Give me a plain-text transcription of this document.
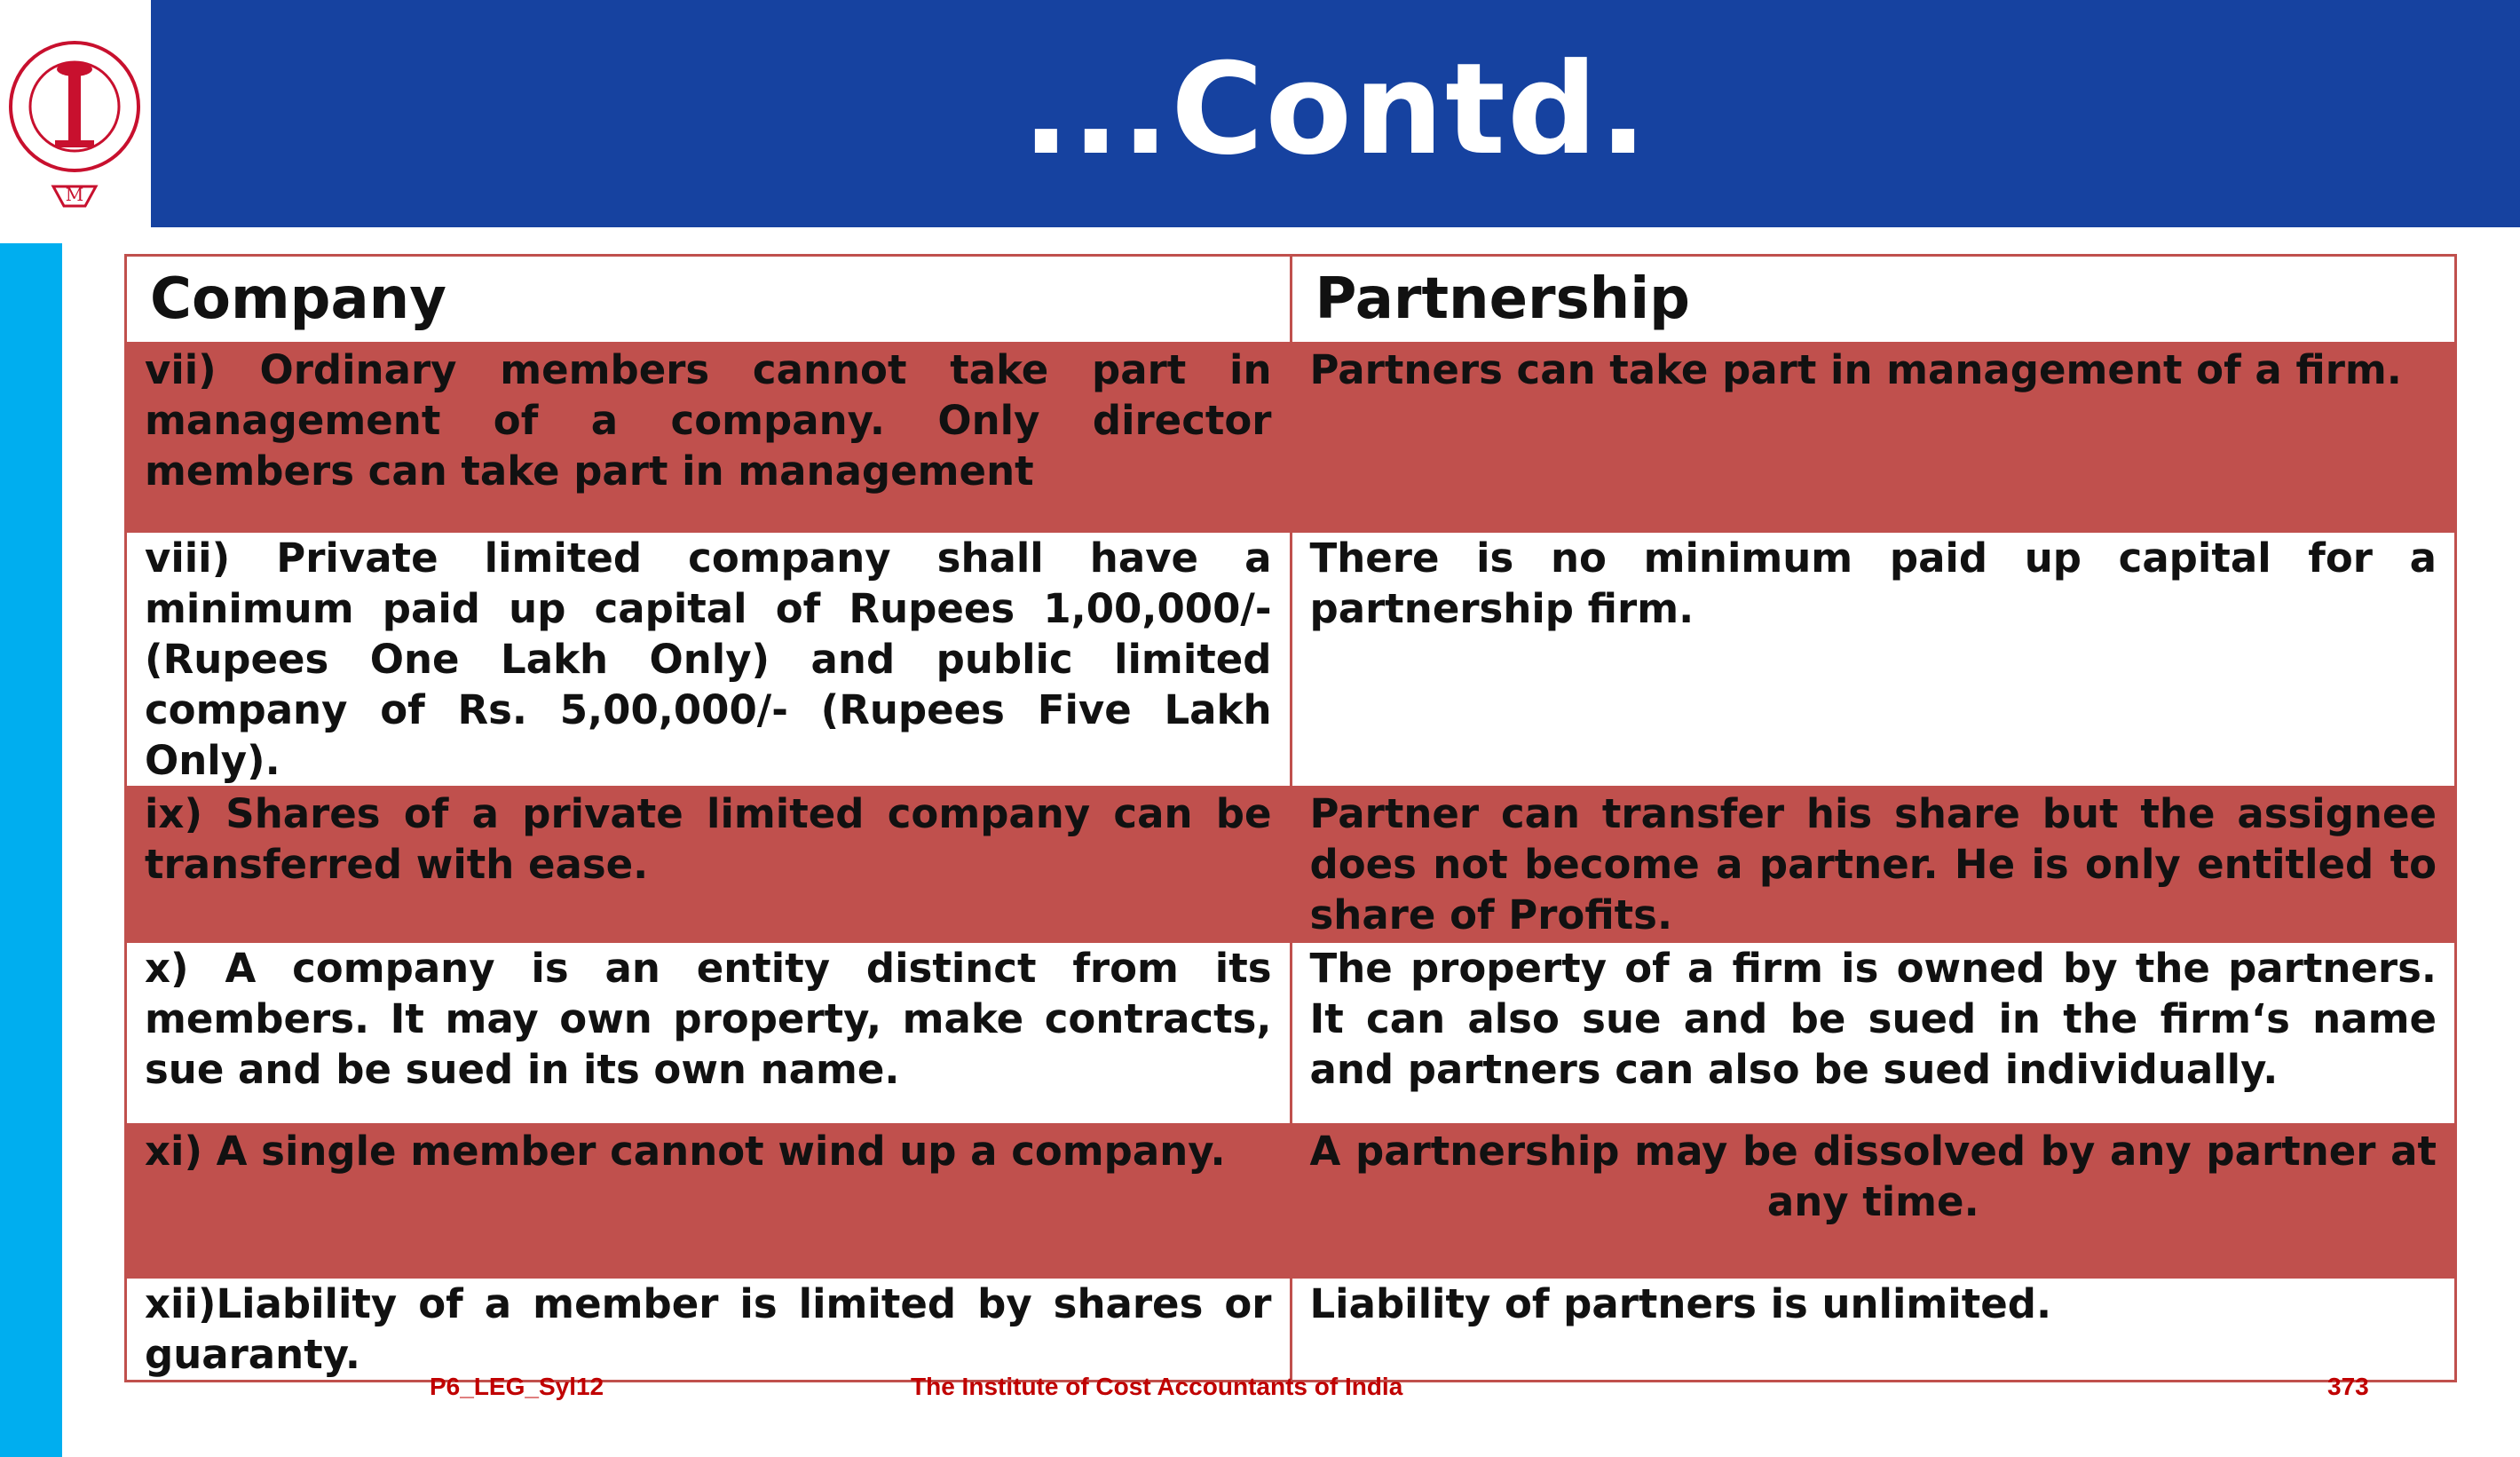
...Contd.
M
Company	Partnership
vii) Ordinary members cannot take part in management of a company. Only director members can take part in management	Partners can take part in management of a firm.
viii) Private limited company shall have a minimum paid up capital of Rupees 1,00,000/-(Rupees One Lakh Only) and public limited company of Rs. 5,00,000/- (Rupees Five Lakh Only).	There is no minimum paid up capital for a partnership firm.
ix) Shares of a private limited company can be transferred with ease.	Partner can transfer his share but the assignee does not become a partner. He is only entitled to share of Profits.
x) A company is an entity distinct from its members. It may own property, make contracts, sue and be sued in its own name.	The property of a firm is owned by the partners. It can also sue and be sued in the firm‘s name and partners can also be sued individually.
xi) A single member cannot wind up a company.	A partnership may be dissolved by any partner at any time.
xii)Liability of a member is limited by shares or guaranty.	Liability of partners is unlimited.
P6_LEG_Syl12	The Institute of Cost Accountants of India	373
